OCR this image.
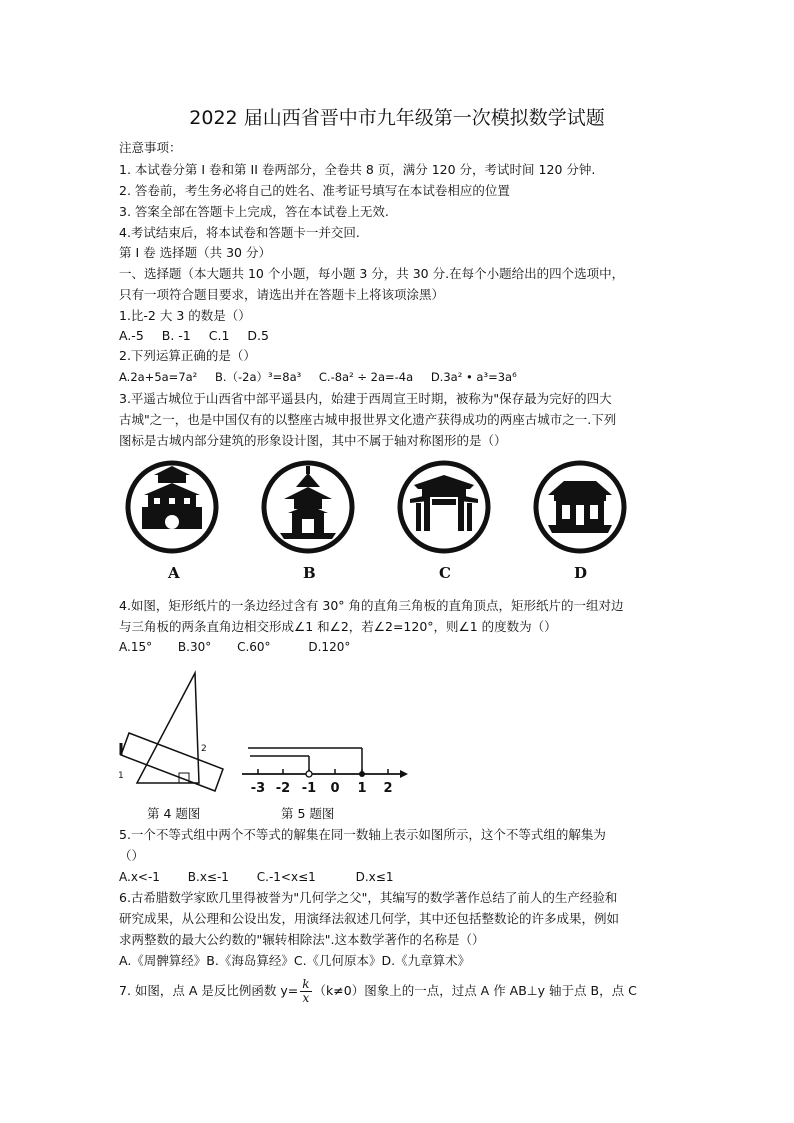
2022 届山西省晋中市九年级第一次模拟数学试题
注意事项：
1. 本试卷分第 I 卷和第 II 卷两部分，全卷共 8 页，满分 120 分，考试时间 120 分钟.
2. 答卷前，考生务必将自己的姓名、准考证号填写在本试卷相应的位置
3. 答案全部在答题卡上完成，答在本试卷上无效.
4.考试结束后，将本试卷和答题卡一并交回.
第 I 卷 选择题（共 30 分）
一、选择题（本大题共 10 个小题，每小题 3 分，共 30 分.在每个小题给出的四个选项中，
只有一项符合题目要求，请选出并在答题卡上将该项涂黑）
1.比-2 大 3 的数是（）
A.-5 B. -1 C.1 D.5
2.下列运算正确的是（）
A.2a+5a=7a² B.（-2a）³=8a³ C.-8a² ÷ 2a=-4a D.3a² • a³=3a⁶
3.平遥古城位于山西省中部平遥县内，始建于西周宣王时期，被称为"保存最为完好的四大
古城"之一，也是中国仅有的以整座古城申报世界文化遗产获得成功的两座古城市之一.下列
图标是古城内部分建筑的形象设计图，其中不属于轴对称图形的是（）
A	B	C	D
4.如图，矩形纸片的一条边经过含有 30° 角的直角三角板的直角顶点，矩形纸片的一组对边
与三角板的两条直角边相交形成∠1 和∠2，若∠2=120°，则∠1 的度数为（）
A.15° B.30° C.60°	D.120°
2
1
-3 -2 -1 0 1 2
第 4 题图	第 5 题图
5.一个不等式组中两个不等式的解集在同一数轴上表示如图所示，这个不等式组的解集为
（）
A.x<-1 B.x≤-1 C.-1<x≤1	D.x≤1
6.古希腊数学家欧几里得被誉为"几何学之父"，其编写的数学著作总结了前人的生产经验和
研究成果，从公理和公设出发，用演绎法叙述几何学，其中还包括整数论的许多成果，例如
求两整数的最大公约数的"辗转相除法".这本数学著作的名称是（）
A.《周髀算经》B.《海岛算经》C.《几何原本》D.《九章算术》
7. 如图，点 A 是反比例函数 $y= \frac{k}{x} (k\ne 0)$图象上的一点，过点 A 作 AB⊥y 轴于点 B，点 C
